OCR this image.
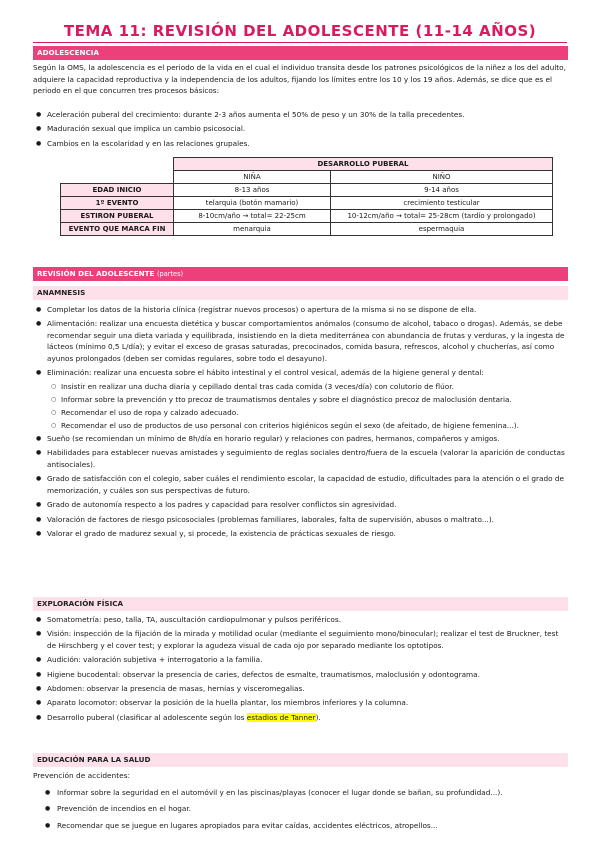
TEMA 11: REVISIÓN DEL ADOLESCENTE (11-14 AÑOS)
ADOLESCENCIA
Según la OMS, la adolescencia es el periodo de la vida en el cual el individuo transita desde los patrones psicológicos de la niñez a los del adulto, adquiere la capacidad reproductiva y la independencia de los adultos, fijando los límites entre los 10 y los 19 años. Además, se dice que es el periodo en el que concurren tres procesos básicos:
● Aceleración puberal del crecimiento: durante 2-3 años aumenta el 50% de peso y un 30% de la talla precedentes.
● Maduración sexual que implica un cambio psicosocial.
● Cambios en la escolaridad y en las relaciones grupales.
	DESARROLLO PUBERAL	
	NIÑA	NIÑO
EDAD INICIO	8-13 años	9-14 años
1º EVENTO	telarquia (botón mamario)	crecimiento testicular
ESTIRON PUBERAL	8-10cm/año → total= 22-25cm	10-12cm/año → total= 25-28cm (tardío y prolongado)
EVENTO QUE MARCA FIN	menarquia	espermaquia
REVISIÓN DEL ADOLESCENTE (partes)
ANAMNESIS
● Completar los datos de la historia clínica (registrar nuevos procesos) o apertura de la misma si no se dispone de ella.
● Alimentación: realizar una encuesta dietética y buscar comportamientos anómalos (consumo de alcohol, tabaco o drogas). Además, se debe recomendar seguir una dieta variada y equilibrada, insistiendo en la dieta mediterránea con abundancia de frutas y verduras, y la ingesta de lácteos (mínimo 0,5 L/día); y evitar el exceso de grasas saturadas, precocinados, comida basura, refrescos, alcohol y chucherías, así como ayunos prolongados (deben ser comidas regulares, sobre todo el desayuno).
● Eliminación: realizar una encuesta sobre el hábito intestinal y el control vesical, además de la higiene general y dental:
○ Insistir en realizar una ducha diaria y cepillado dental tras cada comida (3 veces/día) con colutorio de flúor.
○ Informar sobre la prevención y tto precoz de traumatismos dentales y sobre el diagnóstico precoz de maloclusión dentaria.
○ Recomendar el uso de ropa y calzado adecuado.
○ Recomendar el uso de productos de uso personal con criterios higiénicos según el sexo (de afeitado, de higiene femenina...).
● Sueño (se recomiendan un mínimo de 8h/día en horario regular) y relaciones con padres, hermanos, compañeros y amigos.
● Habilidades para establecer nuevas amistades y seguimiento de reglas sociales dentro/fuera de la escuela (valorar la aparición de conductas antisociales).
● Grado de satisfacción con el colegio, saber cuáles el rendimiento escolar, la capacidad de estudio, dificultades para la atención o el grado de memorización, y cuáles son sus perspectivas de futuro.
● Grado de autonomía respecto a los padres y capacidad para resolver conflictos sin agresividad.
● Valoración de factores de riesgo psicosociales (problemas familiares, laborales, falta de supervisión, abusos o maltrato...).
● Valorar el grado de madurez sexual y, si procede, la existencia de prácticas sexuales de riesgo.
EXPLORACIÓN FÍSICA
● Somatometría: peso, talla, TA, auscultación cardiopulmonar y pulsos periféricos.
● Visión: inspección de la fijación de la mirada y motilidad ocular (mediante el seguimiento mono/binocular); realizar el test de Bruckner, test de Hirschberg y el cover test; y explorar la agudeza visual de cada ojo por separado mediante los optotipos.
● Audición: valoración subjetiva + interrogatorio a la familia.
● Higiene bucodental: observar la presencia de caries, defectos de esmalte, traumatismos, maloclusión y odontograma.
● Abdomen: observar la presencia de masas, hernias y visceromegalias.
● Aparato locomotor: observar la posición de la huella plantar, los miembros inferiores y la columna.
● Desarrollo puberal (clasificar al adolescente según los estadios de Tanner).
EDUCACIÓN PARA LA SALUD
Prevención de accidentes:
● Informar sobre la seguridad en el automóvil y en las piscinas/playas (conocer el lugar donde se bañan, su profundidad...).
● Prevención de incendios en el hogar.
● Recomendar que se juegue en lugares apropiados para evitar caídas, accidentes eléctricos, atropellos...
